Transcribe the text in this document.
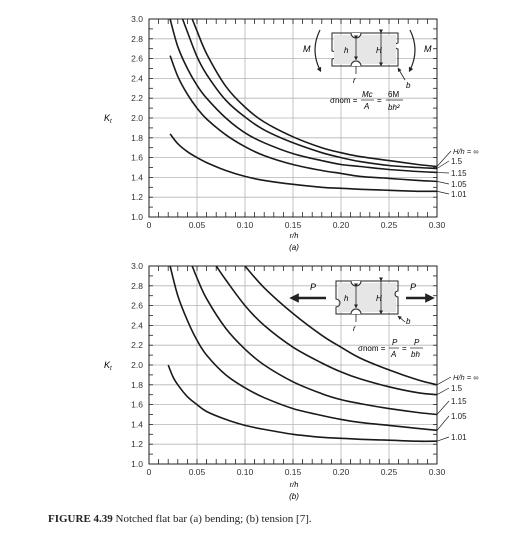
1.0
1.2
1.4
1.6
1.8
2.0
2.2
2.4
2.6
2.8
3.0
0	0.05	0.10	0.15	0.20	0.25	0.30
r/h
$K_t$
(a)
H/h = ∞
1.5
1.15
1.05
1.01
1.0
1.2
1.4
1.6
1.8
2.0
2.2
2.4
2.6
2.8
3.0
0	0.05	0.10	0.15	0.20	0.25	0.30
r/h
$K_t$
(b)
H/h = ∞
1.5
1.15
1.05
1.01
M	M
h	H
r
b
σnom =
Mc
A
=
6M
bh²
P	P
h	H
r
b
σnom =
P
A
=
P
bh
FIGURE 4.39 Notched flat bar (a) bending; (b) tension [7].
